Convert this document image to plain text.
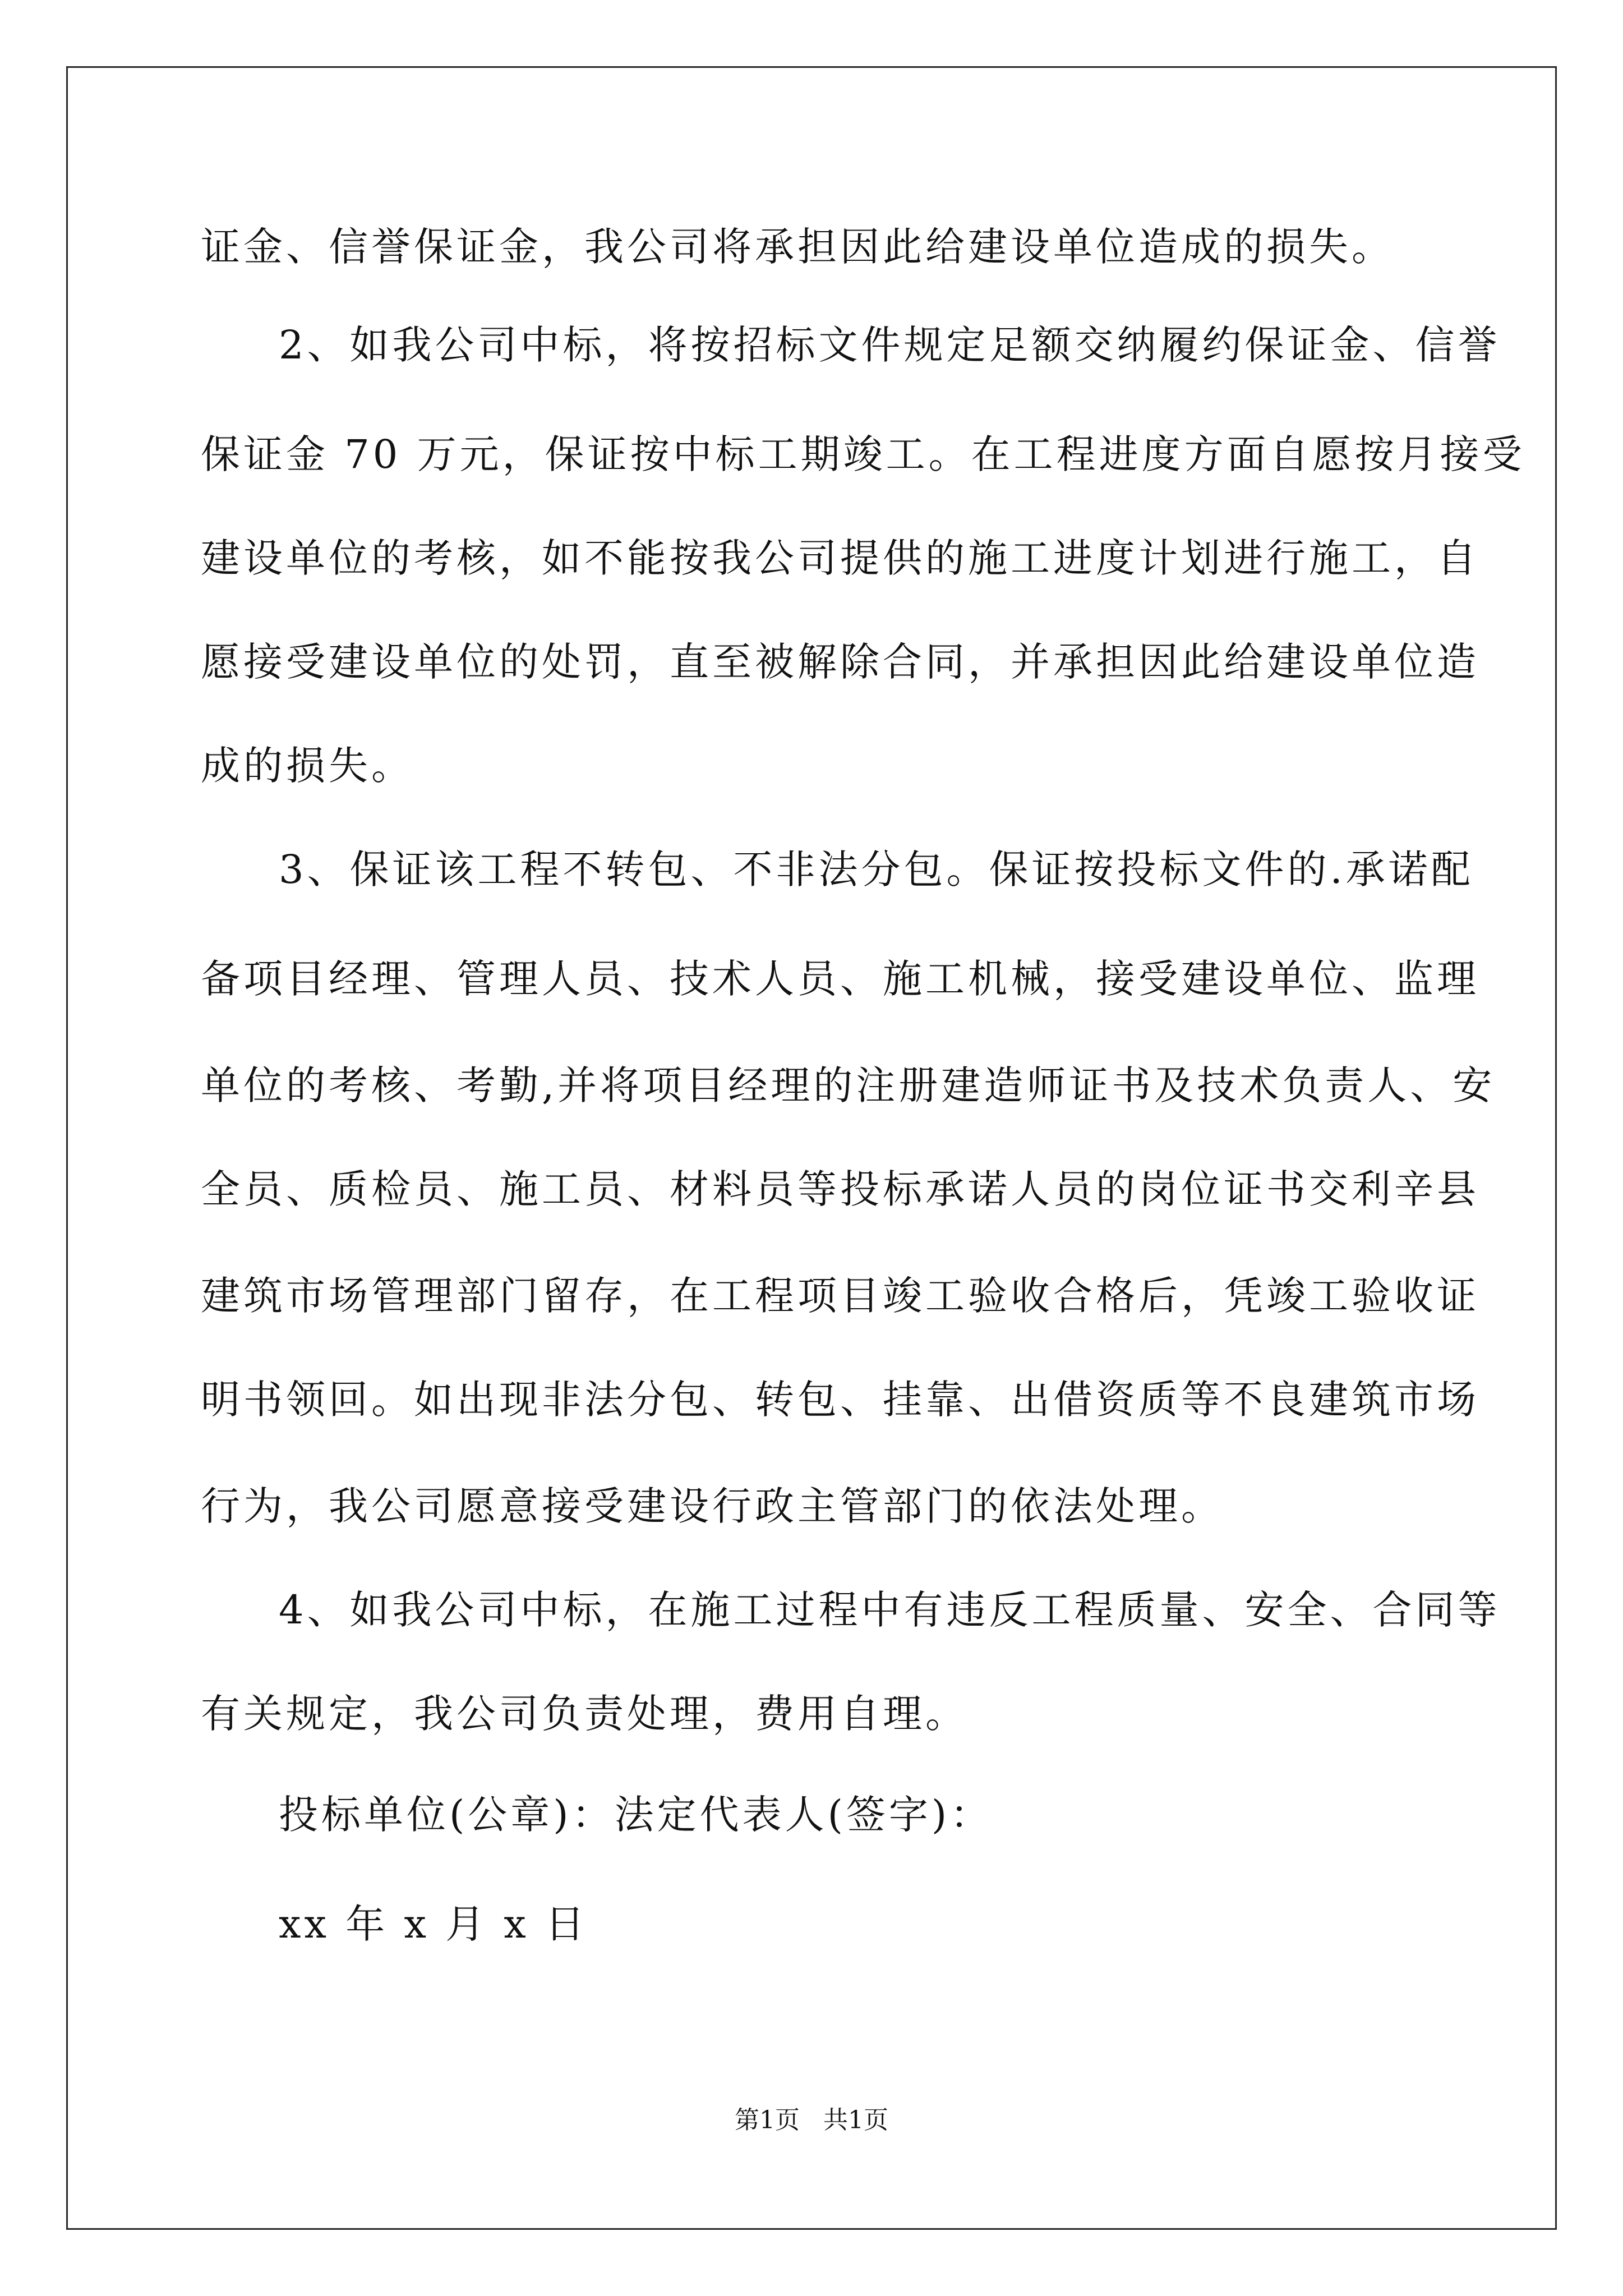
证金、信誉保证金，我公司将承担因此给建设单位造成的损失。

2、如我公司中标，将按招标文件规定足额交纳履约保证金、信誉

保证金 70 万元，保证按中标工期竣工。在工程进度方面自愿按月接受

建设单位的考核，如不能按我公司提供的施工进度计划进行施工，自

愿接受建设单位的处罚，直至被解除合同，并承担因此给建设单位造

成的损失。

3、保证该工程不转包、不非法分包。保证按投标文件的.承诺配

备项目经理、管理人员、技术人员、施工机械，接受建设单位、监理

单位的考核、考勤,并将项目经理的注册建造师证书及技术负责人、安

全员、质检员、施工员、材料员等投标承诺人员的岗位证书交利辛县

建筑市场管理部门留存，在工程项目竣工验收合格后，凭竣工验收证

明书领回。如出现非法分包、转包、挂靠、出借资质等不良建筑市场

行为，我公司愿意接受建设行政主管部门的依法处理。

4、如我公司中标，在施工过程中有违反工程质量、安全、合同等

有关规定，我公司负责处理，费用自理。

投标单位(公章)：法定代表人(签字)：

xx 年 x 月 x 日

第1页   共1页
